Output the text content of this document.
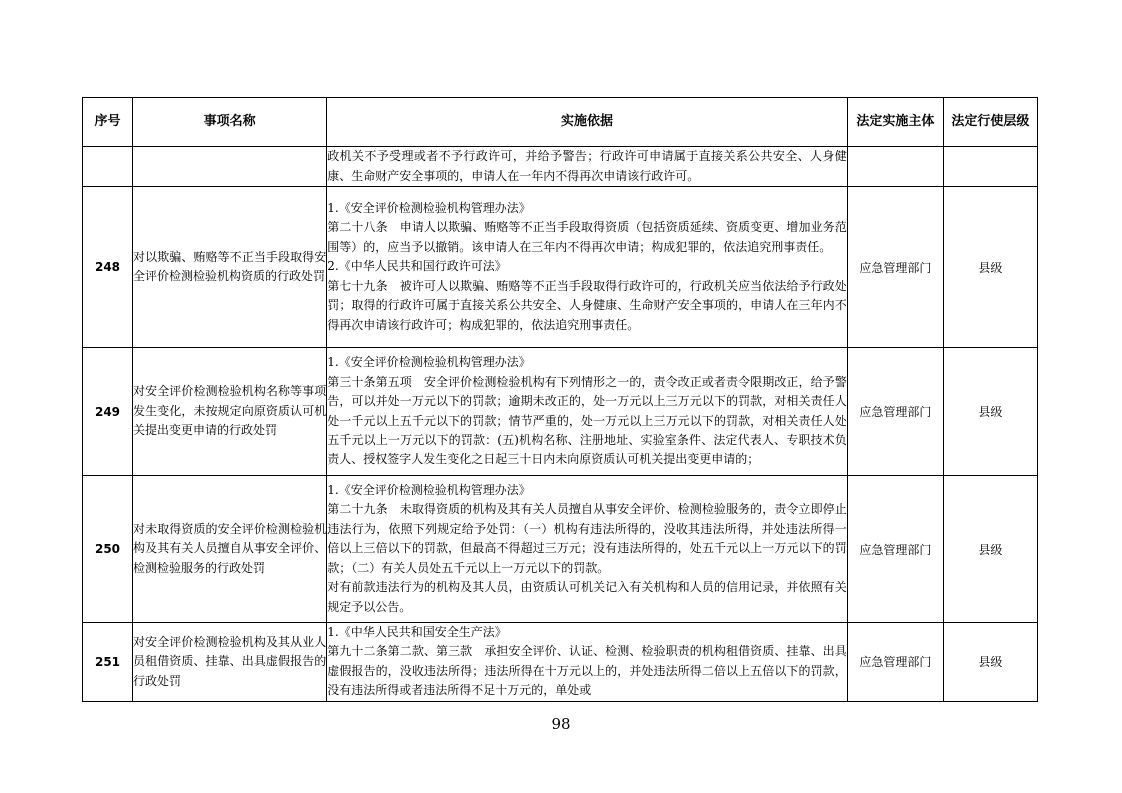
序号	事项名称	实施依据	法定实施主体	法定行使层级

		政机关不予受理或者不予行政许可，并给予警告；行政许可申请属于直接关系公共安全、人身健康、生命财产安全事项的，申请人在一年内不得再次申请该行政许可。		

248	对以欺骗、贿赂等不正当手段取得安全评价检测检验机构资质的行政处罚	1.《安全评价检测检验机构管理办法》

第二十八条　申请人以欺骗、贿赂等不正当手段取得资质（包括资质延续、资质变更、增加业务范围等）的，应当予以撤销。该申请人在三年内不得再次申请；构成犯罪的，依法追究刑事责任。

2.《中华人民共和国行政许可法》

第七十九条　被许可人以欺骗、贿赂等不正当手段取得行政许可的，行政机关应当依法给予行政处罚；取得的行政许可属于直接关系公共安全、人身健康、生命财产安全事项的，申请人在三年内不得再次申请该行政许可；构成犯罪的，依法追究刑事责任。	应急管理部门	县级
249	对安全评价检测检验机构名称等事项发生变化，未按规定向原资质认可机关提出变更申请的行政处罚	1.《安全评价检测检验机构管理办法》

第三十条第五项　安全评价检测检验机构有下列情形之一的，责令改正或者责令限期改正，给予警告，可以并处一万元以下的罚款；逾期未改正的，处一万元以上三万元以下的罚款，对相关责任人处一千元以上五千元以下的罚款；情节严重的，处一万元以上三万元以下的罚款，对相关责任人处五千元以上一万元以下的罚款：(五)机构名称、注册地址、实验室条件、法定代表人、专职技术负责人、授权签字人发生变化之日起三十日内未向原资质认可机关提出变更申请的；	应急管理部门	县级
250	对未取得资质的安全评价检测检验机构及其有关人员擅自从事安全评价、检测检验服务的行政处罚	1.《安全评价检测检验机构管理办法》

第二十九条　未取得资质的机构及其有关人员擅自从事安全评价、检测检验服务的，责令立即停止违法行为，依照下列规定给予处罚：（一）机构有违法所得的，没收其违法所得，并处违法所得一倍以上三倍以下的罚款，但最高不得超过三万元；没有违法所得的，处五千元以上一万元以下的罚款；（二）有关人员处五千元以上一万元以下的罚款。

对有前款违法行为的机构及其人员，由资质认可机关记入有关机构和人员的信用记录，并依照有关规定予以公告。	应急管理部门	县级
251	对安全评价检测检验机构及其从业人员租借资质、挂靠、出具虚假报告的行政处罚	1.《中华人民共和国安全生产法》

第九十二条第二款、第三款　承担安全评价、认证、检测、检验职责的机构租借资质、挂靠、出具虚假报告的，没收违法所得；违法所得在十万元以上的，并处违法所得二倍以上五倍以下的罚款，没有违法所得或者违法所得不足十万元的，单处或	应急管理部门	县级
98
